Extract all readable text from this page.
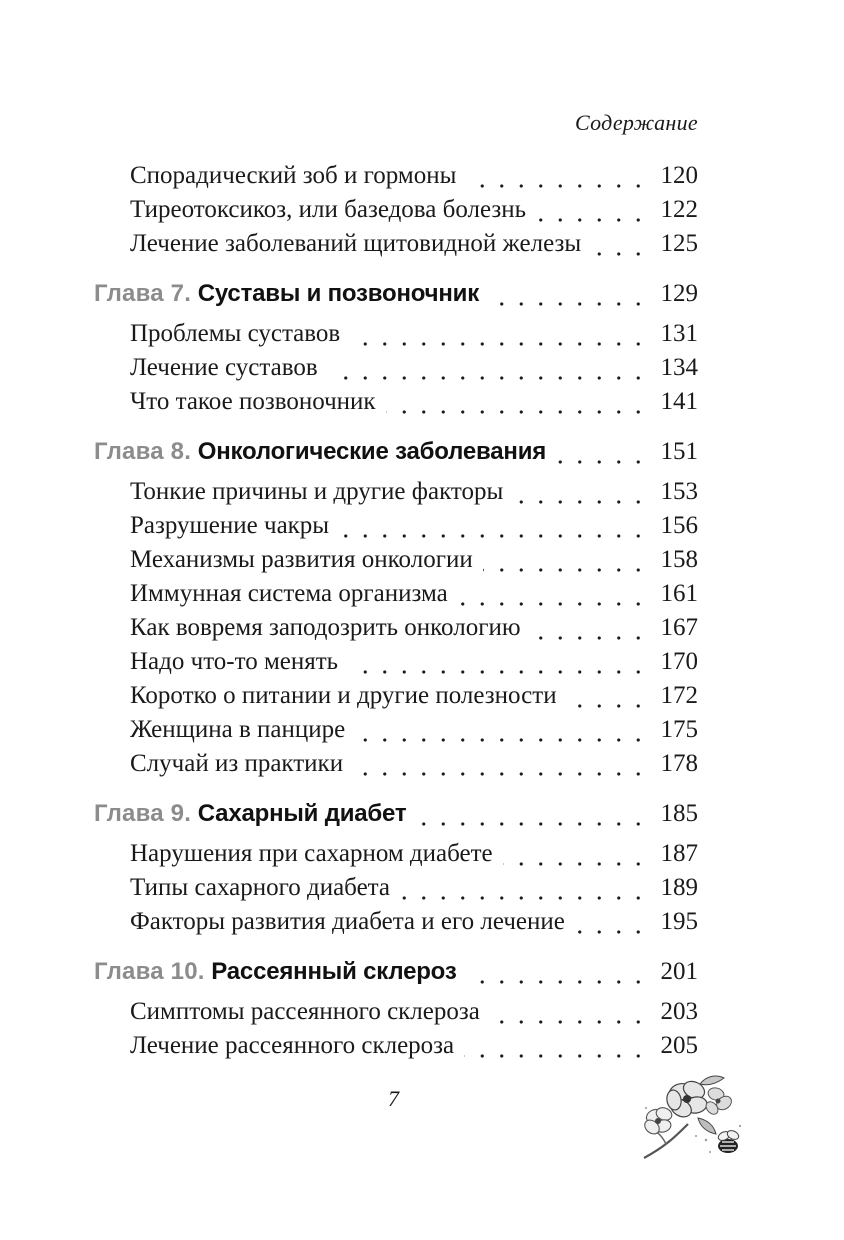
Содержание
Спорадический зоб и гормоны	120
Тиреотоксикоз, или базедова болезнь	122
Лечение заболеваний щитовидной железы	125
Глава 7. Суставы и позвоночник	129
Проблемы суставов	131
Лечение суставов	134
Что такое позвоночник	141
Глава 8. Онкологические заболевания	151
Тонкие причины и другие факторы	153
Разрушение чакры	156
Механизмы развития онкологии	158
Иммунная система организма	161
Как вовремя заподозрить онкологию	167
Надо что-то менять	170
Коротко о питании и другие полезности	172
Женщина в панцире	175
Случай из практики	178
Глава 9. Сахарный диабет	185
Нарушения при сахарном диабете	187
Типы сахарного диабета	189
Факторы развития диабета и его лечение	195
Глава 10. Рассеянный склероз	201
Симптомы рассеянного склероза	203
Лечение рассеянного склероза	205
7
